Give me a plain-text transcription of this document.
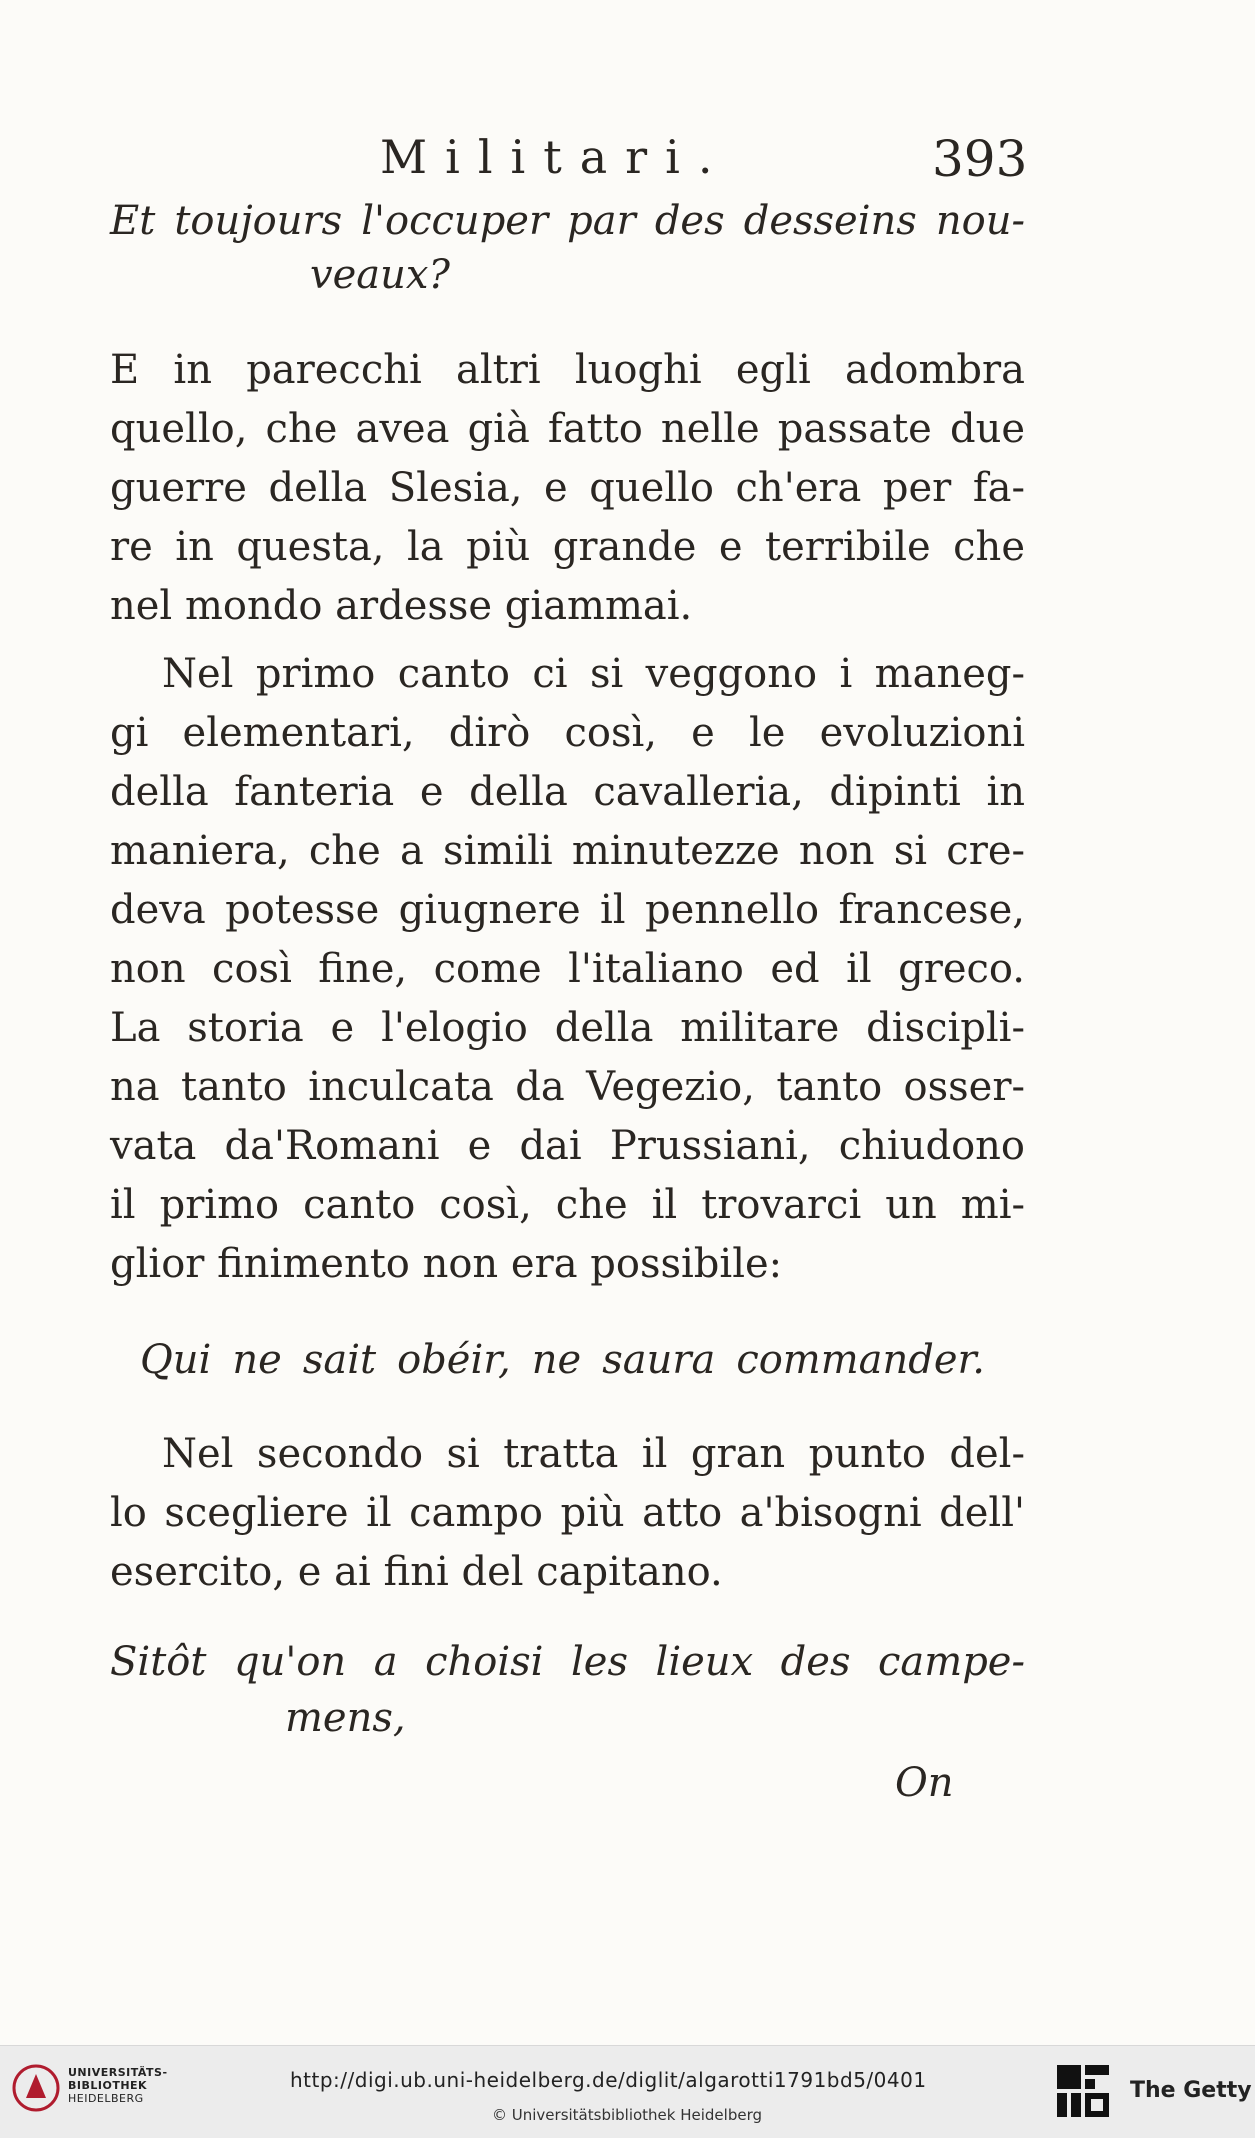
Militari.	393
Et toujours l'occuper par des desseins nou-
veaux?
E in parecchi altri luoghi egli adombra
quello, che avea già fatto nelle passate due
guerre della Slesia, e quello ch'era per fa-
re in questa, la più grande e terribile che
nel mondo ardesse giammai.
Nel primo canto ci si veggono i maneg-
gi elementari, dirò così, e le evoluzioni
della fanteria e della cavalleria, dipinti in
maniera, che a simili minutezze non si cre-
deva potesse giugnere il pennello francese,
non così fine, come l'italiano ed il greco.
La storia e l'elogio della militare discipli-
na tanto inculcata da Vegezio, tanto osser-
vata da'Romani e dai Prussiani, chiudono
il primo canto così, che il trovarci un mi-
glior finimento non era possibile:
Qui ne sait obéir, ne saura commander.
Nel secondo si tratta il gran punto del-
lo scegliere il campo più atto a'bisogni dell'
esercito, e ai fini del capitano.
Sitôt qu'on a choisi les lieux des campe-
mens,
On
UNIVERSITÄTS-
BIBLIOTHEK
HEIDELBERG
http://digi.ub.uni-heidelberg.de/diglit/algarotti1791bd5/0401
© Universitätsbibliothek Heidelberg
The Getty
